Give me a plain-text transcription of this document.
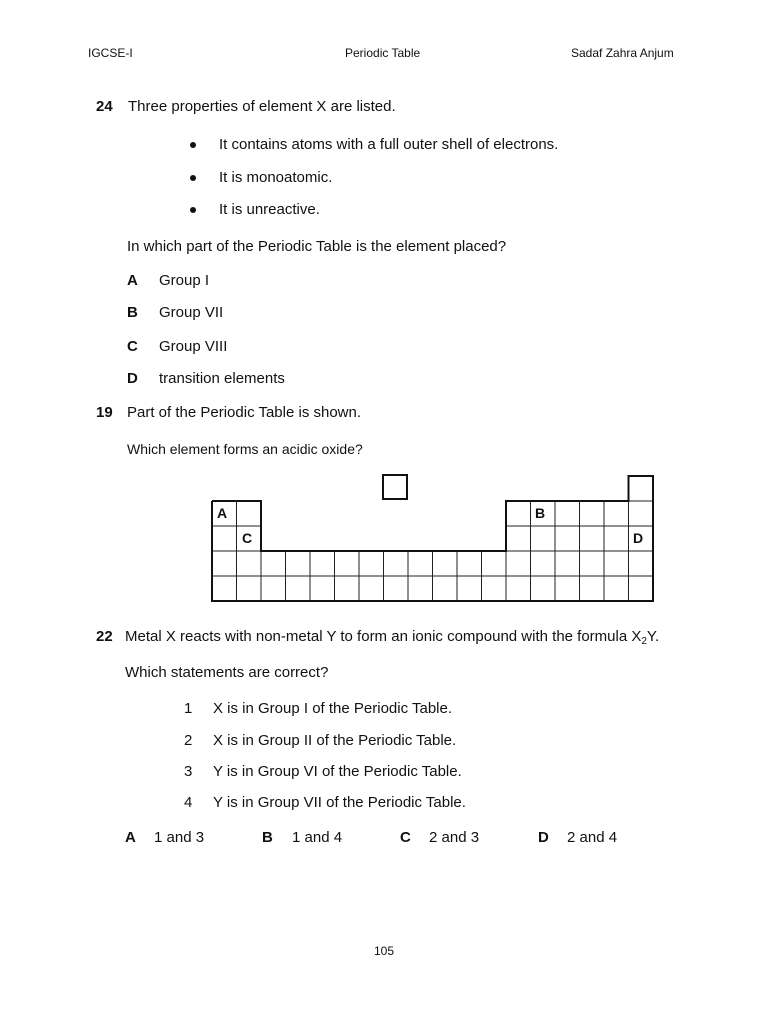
IGCSE-I	Periodic Table	Sadaf Zahra Anjum
24 Three properties of element X are listed.
It contains atoms with a full outer shell of electrons.
It is monoatomic.
It is unreactive.
In which part of the Periodic Table is the element placed?
A Group I
B Group VII
C Group VIII
D transition elements
19 Part of the Periodic Table is shown.
Which element forms an acidic oxide?
A
C
B
D
22 Metal X reacts with non-metal Y to form an ionic compound with the formula $X_2Y$.
Which statements are correct?
1 X is in Group I of the Periodic Table.
2 X is in Group II of the Periodic Table.
3 Y is in Group VI of the Periodic Table.
4 Y is in Group VII of the Periodic Table.
A 1 and 3	B 1 and 4	C 2 and 3	D 2 and 4
105
